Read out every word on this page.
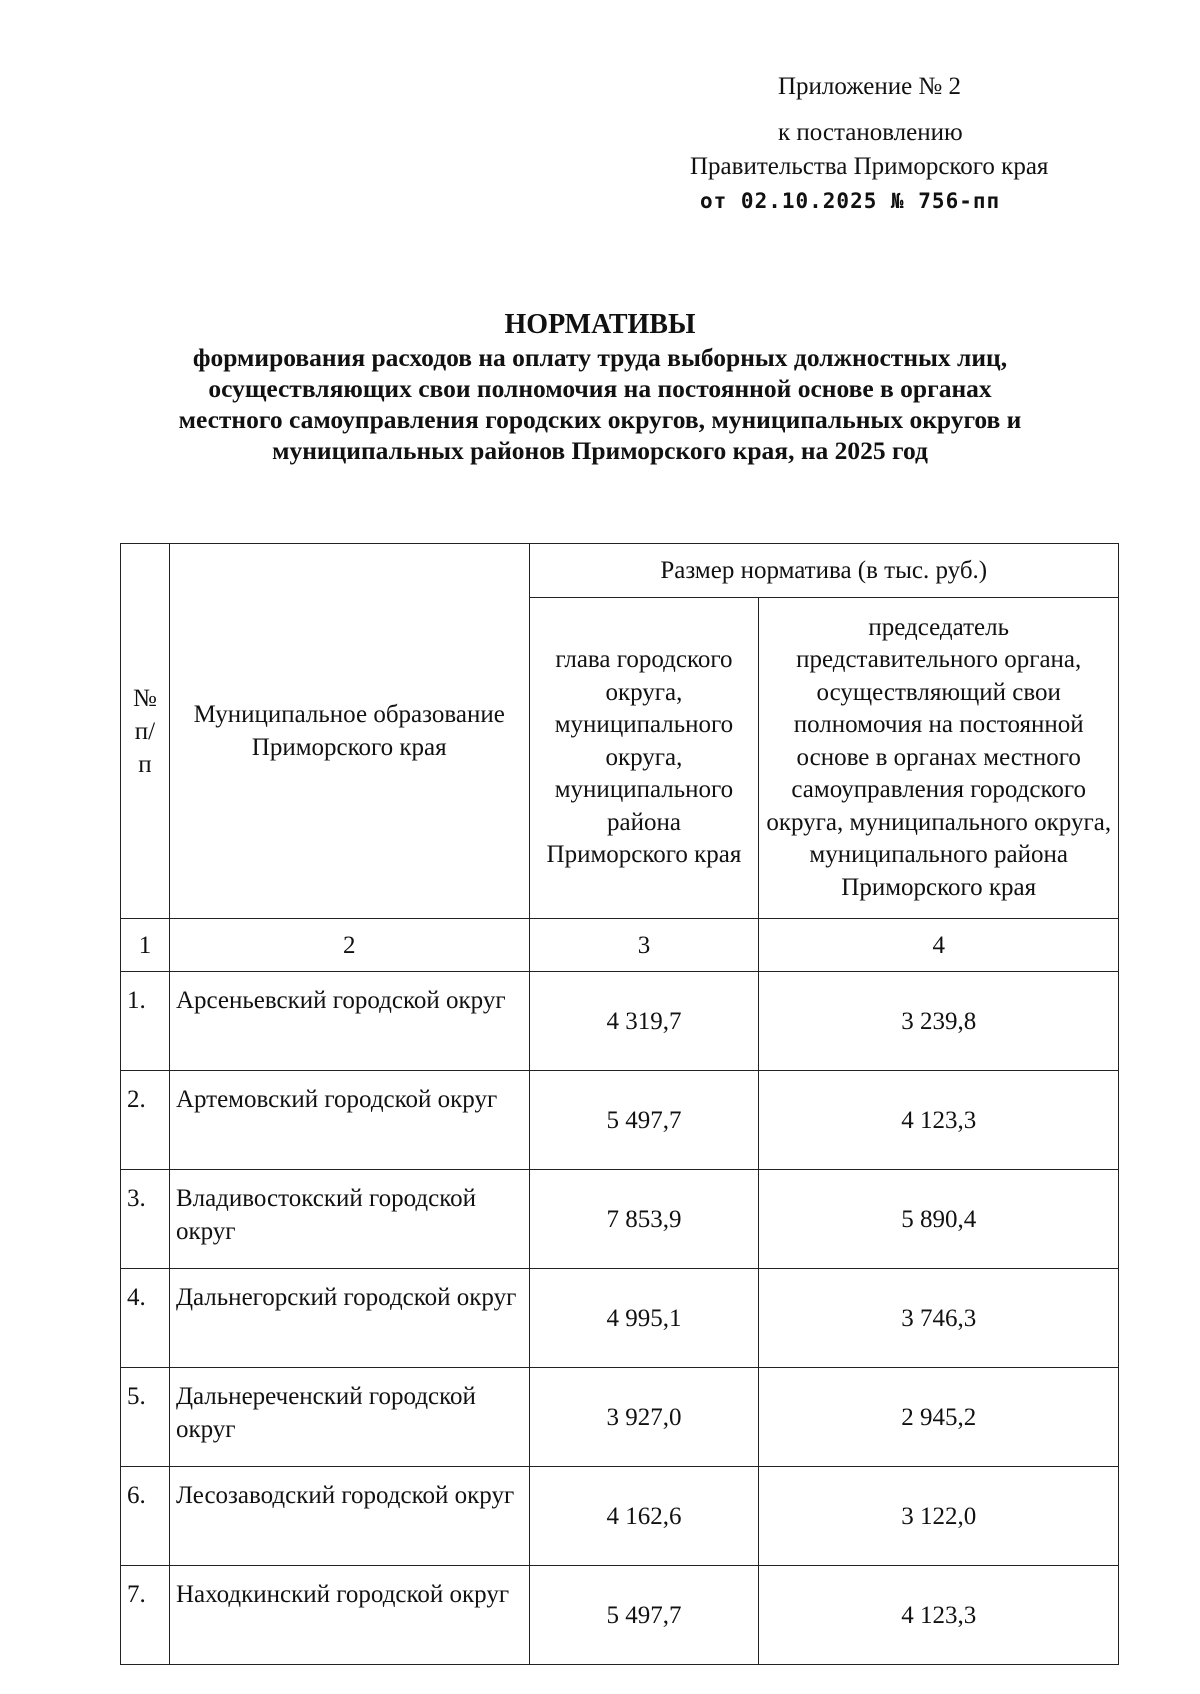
Приложение № 2
к постановлению
Правительства Приморского края
от 02.10.2025 № 756-пп
НОРМАТИВЫ
формирования расходов на оплату труда выборных должностных лиц,
осуществляющих свои полномочия на постоянной основе в органах
местного самоуправления городских округов, муниципальных округов и
муниципальных районов Приморского края, на 2025 год
№ п/ п	Муниципальное образование Приморского края	Размер норматива (в тыс. руб.)	

		глава городского округа, муниципального округа, муниципального района Приморского края	председатель представительного органа, осуществляющий свои полномочия на постоянной основе в органах местного самоуправления городского округа, муниципального округа, муниципального района Приморского края

1	2	3	4
1.	Арсеньевский городской округ	4 319,7	3 239,8
2.	Артемовский городской округ	5 497,7	4 123,3
3.	Владивостокский городской округ	7 853,9	5 890,4
4.	Дальнегорский городской округ	4 995,1	3 746,3
5.	Дальнереченский городской округ	3 927,0	2 945,2
6.	Лесозаводский городской округ	4 162,6	3 122,0
7.	Находкинский городской округ	5 497,7	4 123,3
